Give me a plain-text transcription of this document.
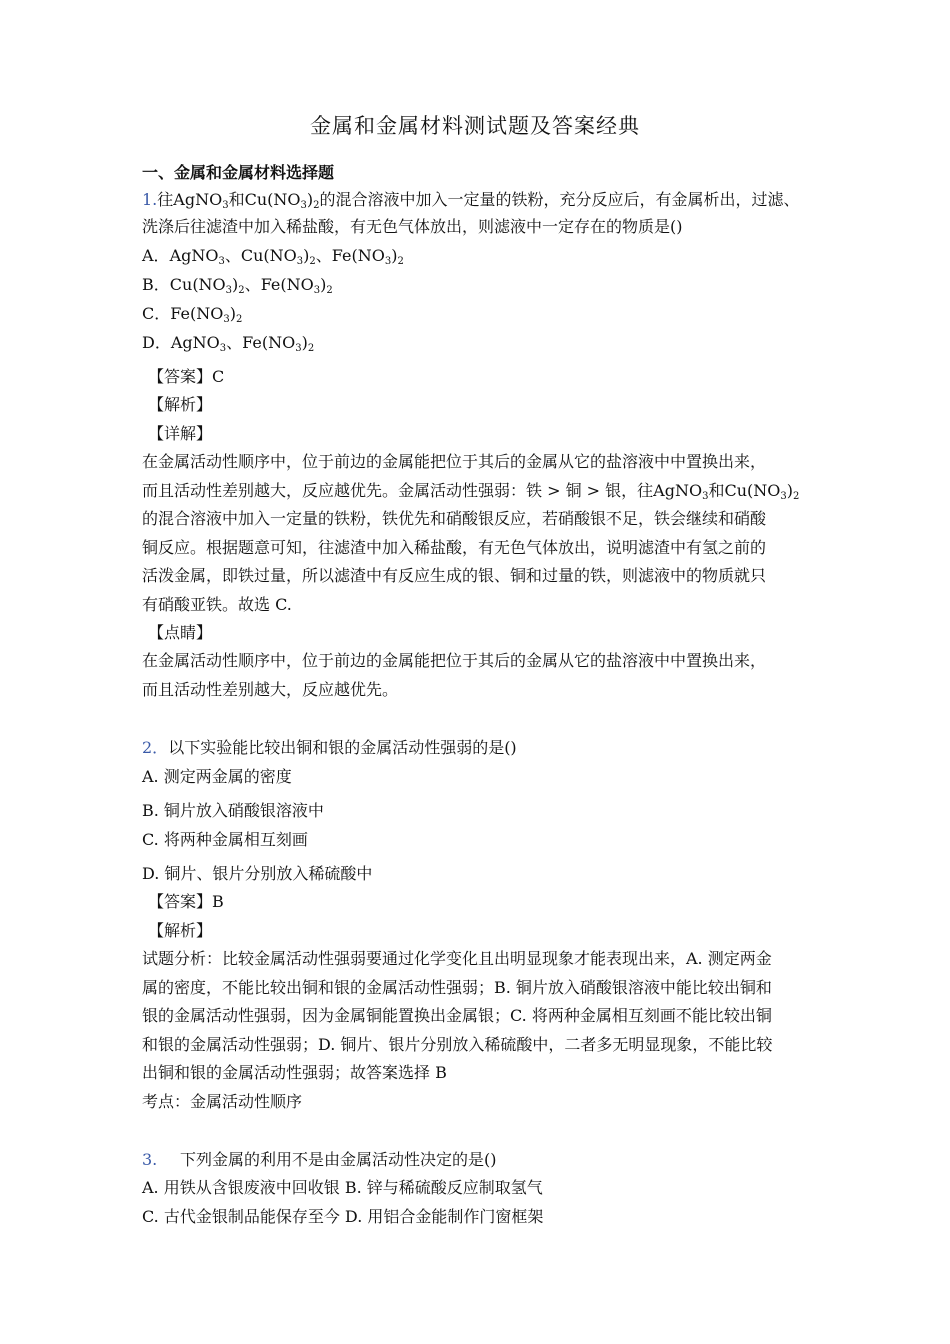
金属和金属材料测试题及答案经典
一、金属和金属材料选择题
1.往AgNO$_3$和$Cu(NO_3)_2$的混合溶液中加入一定量的铁粉，充分反应后，有金属析出，过滤、
洗涤后往滤渣中加入稀盐酸，有无色气体放出，则滤液中一定存在的物质是()
A．AgNO$_3$、$Cu(NO_3)_2$、$Fe(NO_3)_2$
B．$Cu(NO_3)_2$、$Fe(NO_3)_2$
C．$Fe(NO_3)_2$
D．AgNO$_3$、$Fe(NO_3)_2$
【答案】C
【解析】
【详解】
在金属活动性顺序中，位于前边的金属能把位于其后的金属从它的盐溶液中中置换出来，
而且活动性差别越大，反应越优先。金属活动性强弱：铁 > 铜 > 银，往AgNO$_3$和$Cu(NO_3)_2$
的混合溶液中加入一定量的铁粉，铁优先和硝酸银反应，若硝酸银不足，铁会继续和硝酸
铜反应。根据题意可知，往滤渣中加入稀盐酸，有无色气体放出，说明滤渣中有氢之前的
活泼金属，即铁过量，所以滤渣中有反应生成的银、铜和过量的铁，则滤液中的物质就只
有硝酸亚铁。故选 C.
【点睛】
在金属活动性顺序中，位于前边的金属能把位于其后的金属从它的盐溶液中中置换出来，
而且活动性差别越大，反应越优先。
2．以下实验能比较出铜和银的金属活动性强弱的是()
A. 测定两金属的密度
B. 铜片放入硝酸银溶液中
C. 将两种金属相互刻画
D. 铜片、银片分别放入稀硫酸中
【答案】B
【解析】
试题分析：比较金属活动性强弱要通过化学变化且出明显现象才能表现出来，A. 测定两金
属的密度，不能比较出铜和银的金属活动性强弱；B. 铜片放入硝酸银溶液中能比较出铜和
银的金属活动性强弱，因为金属铜能置换出金属银；C. 将两种金属相互刻画不能比较出铜
和银的金属活动性强弱；D. 铜片、银片分别放入稀硫酸中，二者多无明显现象，不能比较
出铜和银的金属活动性强弱；故答案选择 B
考点：金属活动性顺序
3. 下列金属的利用不是由金属活动性决定的是()
A. 用铁从含银废液中回收银 B. 锌与稀硫酸反应制取氢气
C. 古代金银制品能保存至今 D. 用铝合金能制作门窗框架
